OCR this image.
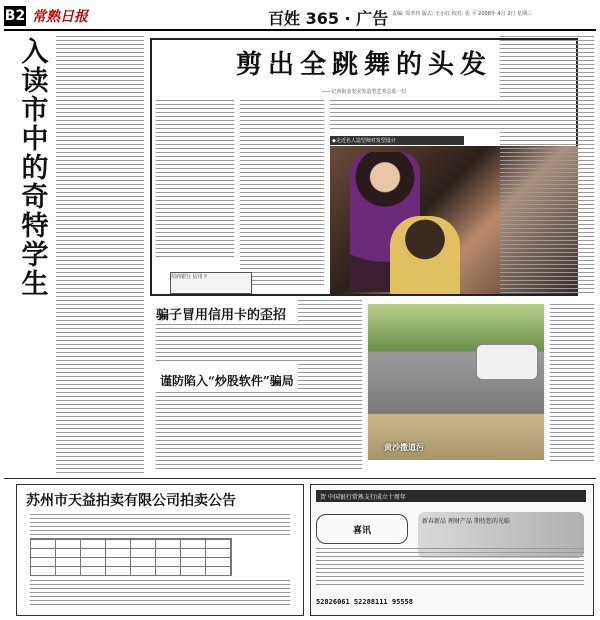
B2 常熟日报	百姓 365 · 广告 责编: 周孝玲 版式: 王小红 校对: 张 平 2008年 4月 2日 星期三
入读市中的奇特学生
剪出全跳舞的头发
——记西街金发美发造型艺术总监一位
◆走近名人造型师对发型设计
招商银行 信用卡
骗子冒用信用卡的歪招
谨防陷入“炒股软件”骗局
黄沙撒道污
苏州市天益拍卖有限公司拍卖公告	贺 中国银行常熟支行成立十周年
喜讯
新春新品 理财产品 期待您的光临
52826061 52288111 95558
